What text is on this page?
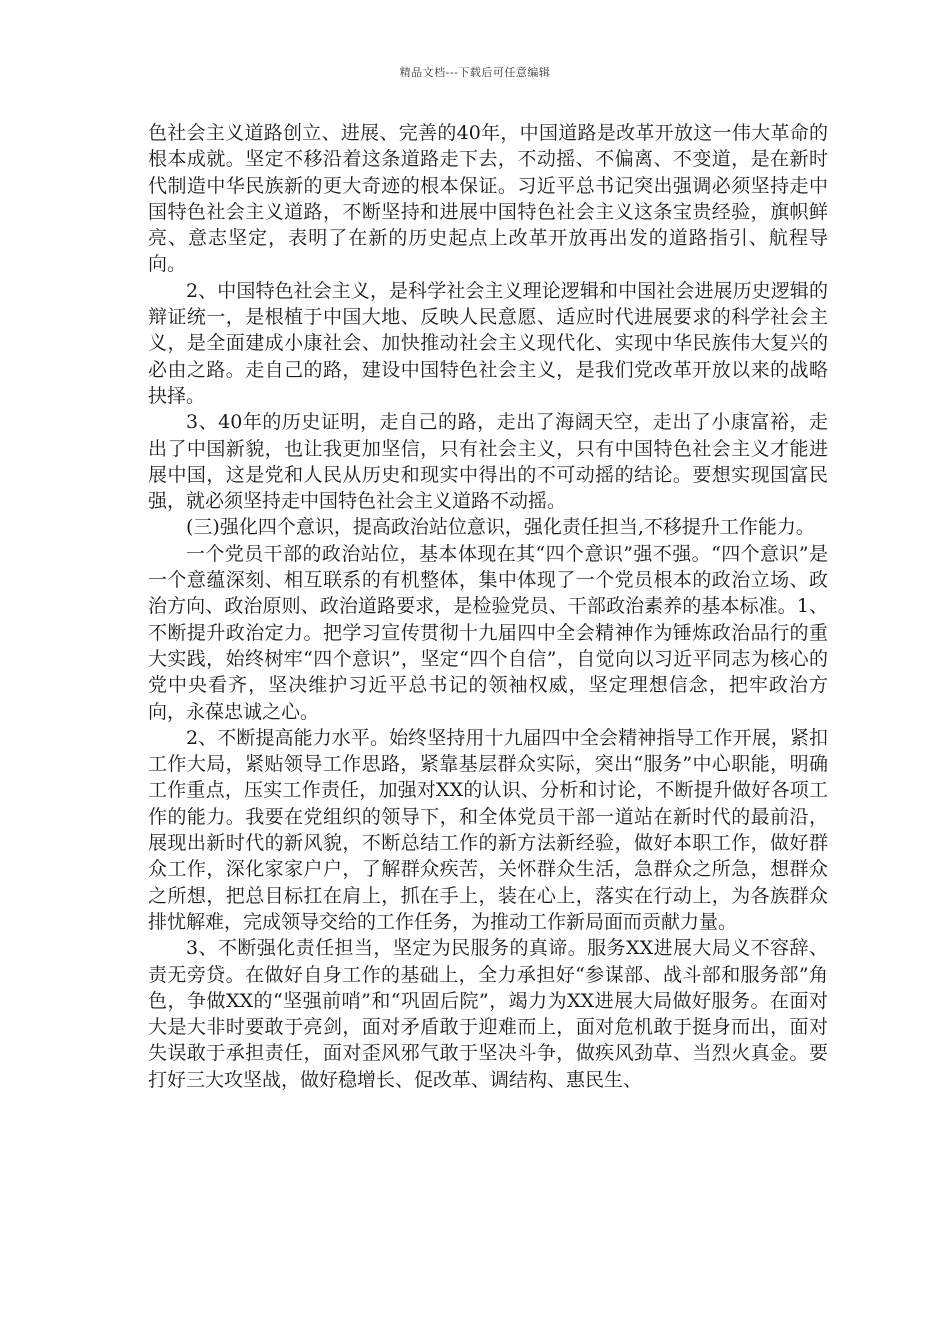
精品文档---下载后可任意编辑

色社会主义道路创立、进展、完善的40年，中国道路是改革开放这一伟大革命的根本成就。坚定不移沿着这条道路走下去，不动摇、不偏离、不变道，是在新时代制造中华民族新的更大奇迹的根本保证。习近平总书记突出强调必须坚持走中国特色社会主义道路，不断坚持和进展中国特色社会主义这条宝贵经验，旗帜鲜亮、意志坚定，表明了在新的历史起点上改革开放再出发的道路指引、航程导向。

2、中国特色社会主义，是科学社会主义理论逻辑和中国社会进展历史逻辑的辩证统一，是根植于中国大地、反映人民意愿、适应时代进展要求的科学社会主义，是全面建成小康社会、加快推动社会主义现代化、实现中华民族伟大复兴的必由之路。走自己的路，建设中国特色社会主义，是我们党改革开放以来的战略抉择。

3、40年的历史证明，走自己的路，走出了海阔天空，走出了小康富裕，走出了中国新貌，也让我更加坚信，只有社会主义，只有中国特色社会主义才能进展中国，这是党和人民从历史和现实中得出的不可动摇的结论。要想实现国富民强，就必须坚持走中国特色社会主义道路不动摇。

(三)强化四个意识，提高政治站位意识，强化责任担当,不移提升工作能力。

一个党员干部的政治站位，基本体现在其“四个意识”强不强。“四个意识”是一个意蕴深刻、相互联系的有机整体，集中体现了一个党员根本的政治立场、政治方向、政治原则、政治道路要求，是检验党员、干部政治素养的基本标准。1、不断提升政治定力。把学习宣传贯彻十九届四中全会精神作为锤炼政治品行的重大实践，始终树牢“四个意识”，坚定“四个自信”，自觉向以习近平同志为核心的党中央看齐，坚决维护习近平总书记的领袖权威，坚定理想信念，把牢政治方向，永葆忠诚之心。

2、不断提高能力水平。始终坚持用十九届四中全会精神指导工作开展，紧扣工作大局，紧贴领导工作思路，紧靠基层群众实际，突出“服务”中心职能，明确工作重点，压实工作责任，加强对XX的认识、分析和讨论，不断提升做好各项工作的能力。我要在党组织的领导下，和全体党员干部一道站在新时代的最前沿，展现出新时代的新风貌，不断总结工作的新方法新经验，做好本职工作，做好群众工作，深化家家户户，了解群众疾苦，关怀群众生活，急群众之所急，想群众之所想，把总目标扛在肩上，抓在手上，装在心上，落实在行动上，为各族群众排忧解难，完成领导交给的工作任务，为推动工作新局面而贡献力量。

3、不断强化责任担当，坚定为民服务的真谛。服务XX进展大局义不容辞、责无旁贷。在做好自身工作的基础上，全力承担好“参谋部、战斗部和服务部”角色，争做XX的“坚强前哨”和“巩固后院”，竭力为XX进展大局做好服务。在面对大是大非时要敢于亮剑，面对矛盾敢于迎难而上，面对危机敢于挺身而出，面对失误敢于承担责任，面对歪风邪气敢于坚决斗争，做疾风劲草、当烈火真金。要打好三大攻坚战，做好稳增长、促改革、调结构、惠民生、
